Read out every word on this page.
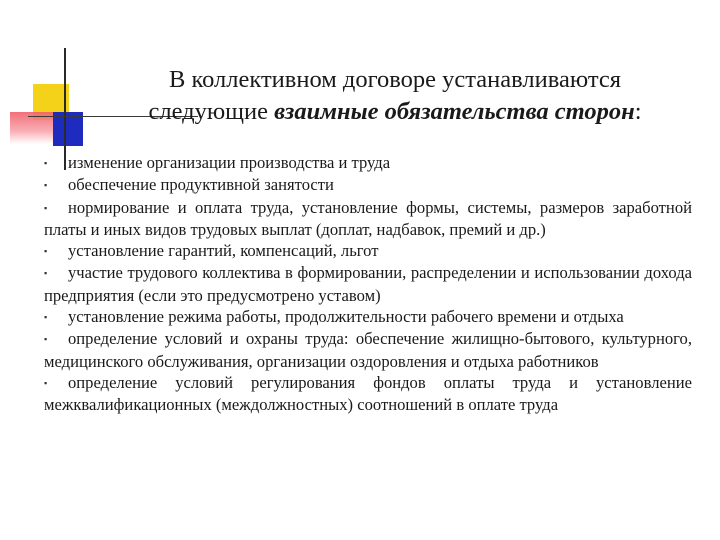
В коллективном договоре устанавливаются
следующие взаимные обязательства сторон:

▪ изменение организации производства и труда

▪ обеспечение продуктивной занятости

▪ нормирование и оплата труда, установление формы, системы, размеров заработной платы и иных видов трудовых выплат (доплат, надбавок, премий и др.)

▪ установление гарантий, компенсаций, льгот

▪ участие трудового коллектива в формировании, распределении и использовании дохода предприятия (если это предусмотрено уставом)

▪ установление режима работы, продолжительности рабочего времени и отдыха

▪ определение условий и охраны труда: обеспечение жилищно-бытового, культурного, медицинского обслуживания, организации оздоровления и отдыха работников

▪ определение условий регулирования фондов оплаты труда и установление межквалификационных (междолжностных) соотношений в оплате труда
